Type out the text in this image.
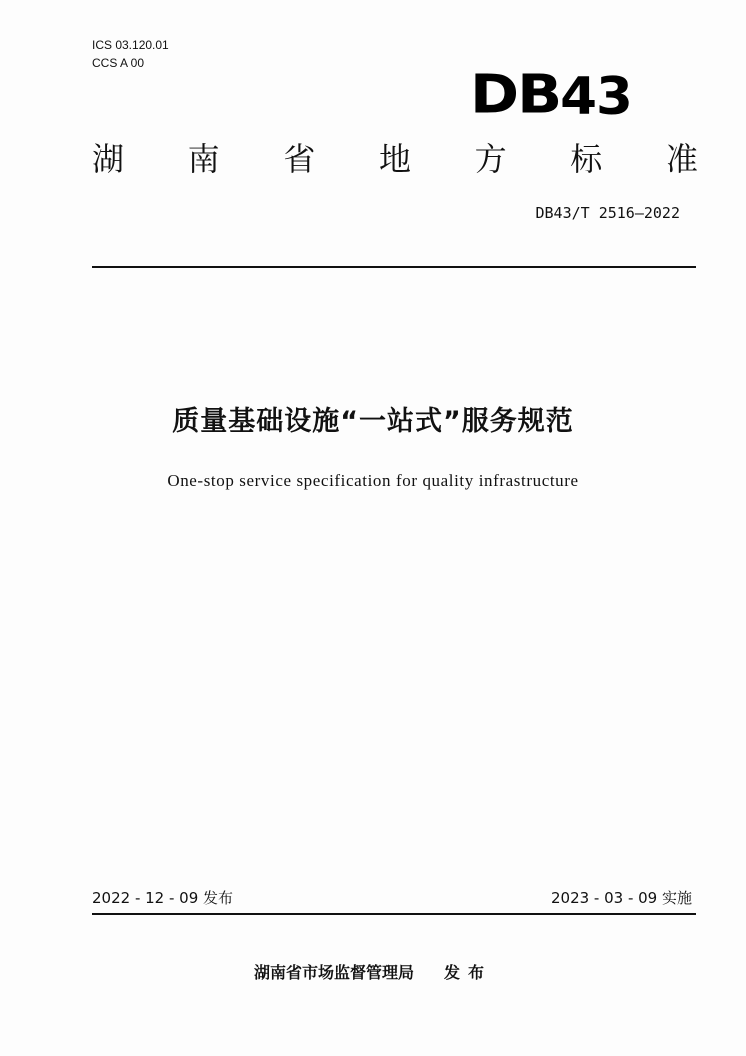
ICS 03.120.01
CCS A 00	DB43
湖 南 省 地 方 标 准
DB43/T 2516—2022
质量基础设施“一站式”服务规范
One-stop service specification for quality infrastructure
2022 - 12 - 09 发布	2023 - 03 - 09 实施
湖南省市场监督管理局 发布
